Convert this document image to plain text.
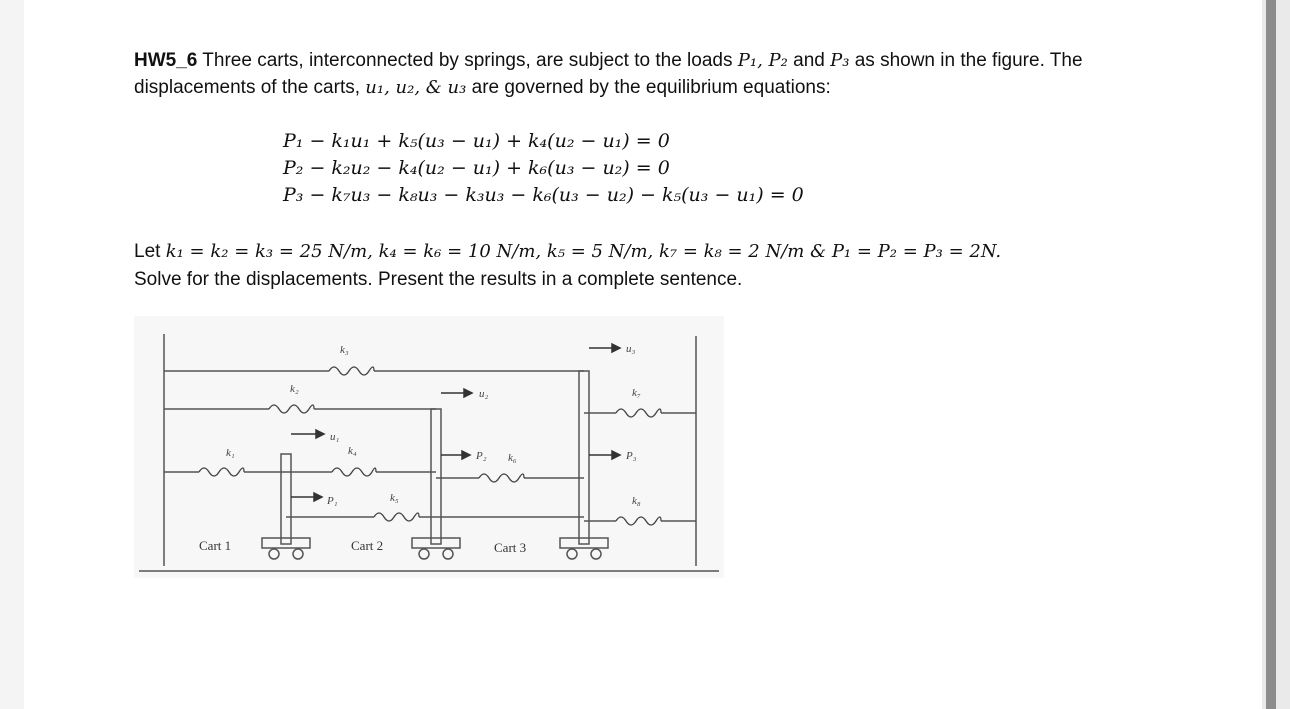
HW5_6 Three carts, interconnected by springs, are subject to the loads P₁, P₂ and P₃ as shown in the figure. The displacements of the carts, u₁, u₂, & u₃ are governed by the equilibrium equations:
P₁ − k₁u₁ + k₅(u₃ − u₁) + k₄(u₂ − u₁) = 0
P₂ − k₂u₂ − k₄(u₂ − u₁) + k₆(u₃ − u₂) = 0
P₃ − k₇u₃ − k₈u₃ − k₃u₃ − k₆(u₃ − u₂) − k₅(u₃ − u₁) = 0
Let k₁ = k₂ = k₃ = 25 N/m, k₄ = k₆ = 10 N/m, k₅ = 5 N/m, k₇ = k₈ = 2 N/m & P₁ = P₂ = P₃ = 2N.
Solve for the displacements. Present the results in a complete sentence.
Cart 1	Cart 2	Cart 3
k₁
k₂
k₃
k₄
k₅
k₆
k₇
k₈
P₁
P₂	P₃
u₁
u₂
u₃
